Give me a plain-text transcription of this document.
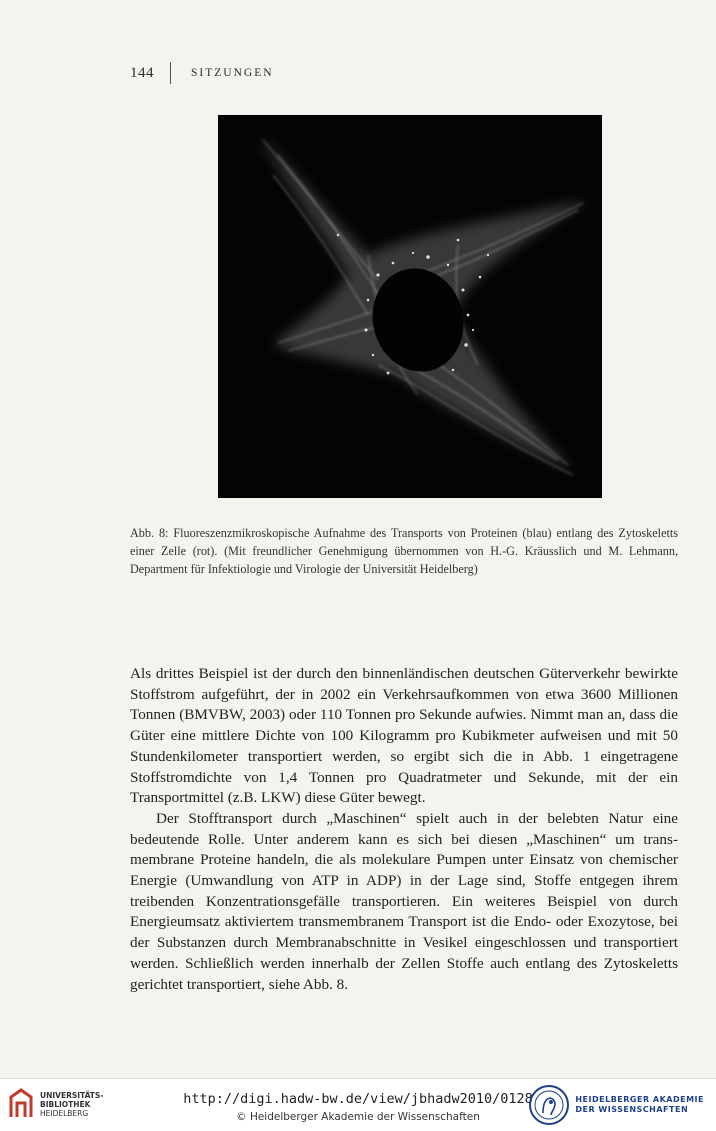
144	SITZUNGEN

Abb. 8: Fluoreszenzmikroskopische Aufnahme des Transports von Proteinen (blau) entlang des Zytoskeletts einer Zelle (rot). (Mit freundlicher Genehmigung übernommen von H.-G. Kräusslich und M. Lehmann, Department für Infektiologie und Virologie der Universität Heidelberg)

Als drittes Beispiel ist der durch den binnenländischen deutschen Güterverkehr bewirkte Stoffstrom aufgeführt, der in 2002 ein Verkehrsaufkommen von etwa 3600 Millionen Tonnen (BMVBW, 2003) oder 110 Tonnen pro Sekunde aufwies. Nimmt man an, dass die Güter eine mittlere Dichte von 100 Kilogramm pro Kubikmeter aufweisen und mit 50 Stundenkilometer transportiert werden, so ergibt sich die in Abb. 1 eingetragene Stoffstromdichte von 1,4 Tonnen pro Quadratmeter und Sekunde, mit der ein Transportmittel (z.B. LKW) diese Güter bewegt.

Der Stofftransport durch „Maschinen“ spielt auch in der belebten Natur eine bedeutende Rolle. Unter anderem kann es sich bei diesen „Maschinen“ um transmembrane Proteine handeln, die als molekulare Pumpen unter Einsatz von chemischer Energie (Umwandlung von ATP in ADP) in der Lage sind, Stoffe entgegen ihrem treibenden Konzentrationsgefälle transportieren. Ein weiteres Beispiel von durch Energieumsatz aktiviertem transmembranem Transport ist die Endo- oder Exozytose, bei der Substanzen durch Membranabschnitte in Vesikel eingeschlossen und transportiert werden. Schließlich werden innerhalb der Zellen Stoffe auch entlang des Zytoskeletts gerichtet transportiert, siehe Abb. 8.

UNIVERSITÄTS-
BIBLIOTHEK
HEIDELBERG
http://digi.hadw-bw.de/view/jbhadw2010/0128
© Heidelberger Akademie der Wissenschaften
HEIDELBERGER AKADEMIE
DER WISSENSCHAFTEN
